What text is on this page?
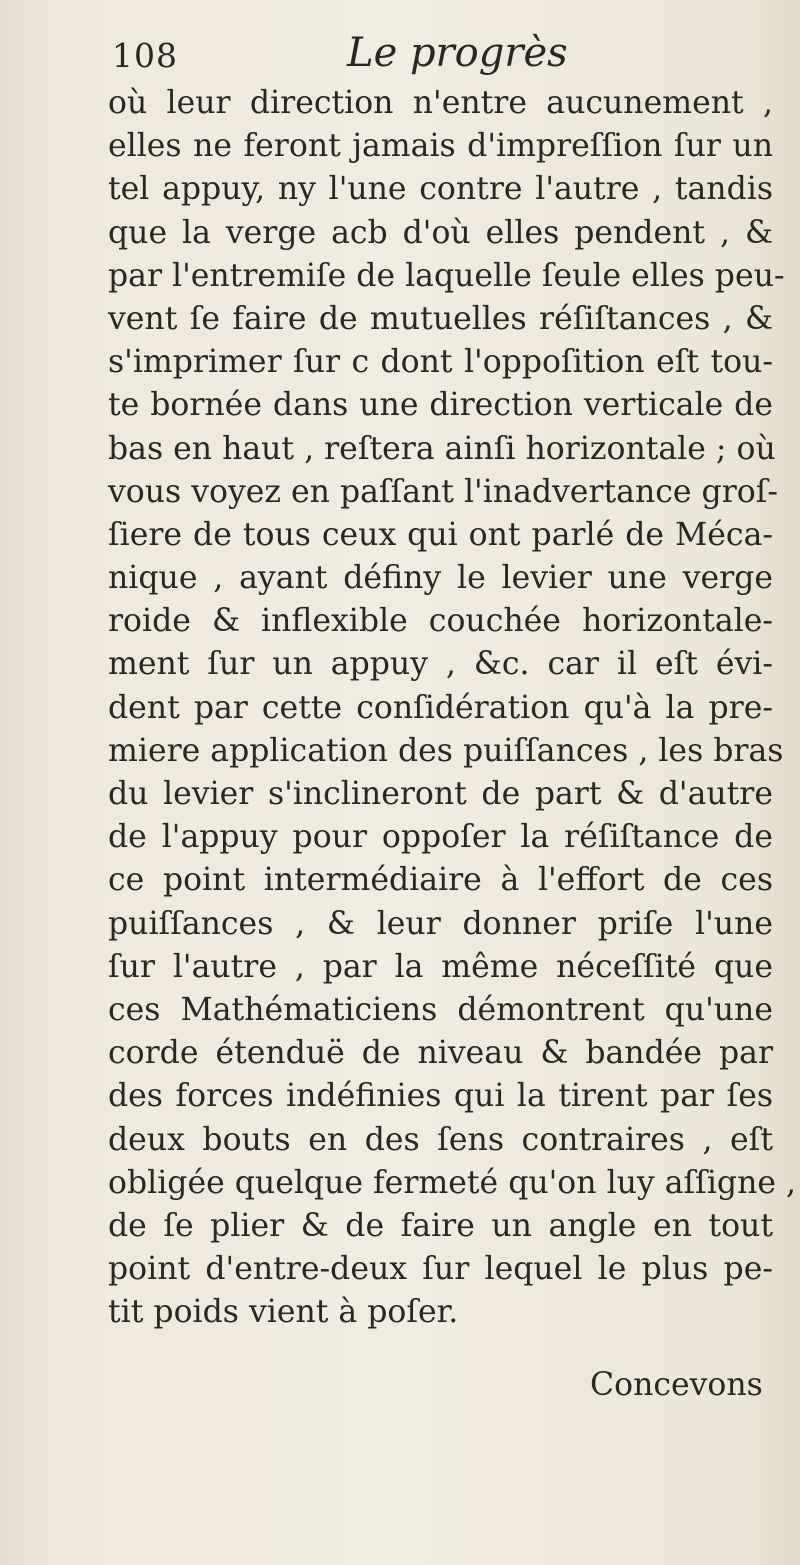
108	Le progrès
où leur direction n'entre aucunement ,
elles ne feront jamais d'impreſſion ſur un
tel appuy, ny l'une contre l'autre , tandis
que la verge acb d'où elles pendent , &
par l'entremiſe de laquelle ſeule elles peu-
vent ſe faire de mutuelles réſiſtances , &
s'imprimer ſur c dont l'oppoſition eſt tou-
te bornée dans une direction verticale de
bas en haut , reſtera ainſi horizontale ; où
vous voyez en paſſant l'inadvertance groſ-
ſiere de tous ceux qui ont parlé de Méca-
nique , ayant définy le levier une verge
roide & inflexible couchée horizontale-
ment ſur un appuy , &c. car il eſt évi-
dent par cette conſidération qu'à la pre-
miere application des puiſſances , les bras
du levier s'inclineront de part & d'autre
de l'appuy pour oppoſer la réſiſtance de
ce point intermédiaire à l'effort de ces
puiſſances , & leur donner priſe l'une
ſur l'autre , par la même néceſſité que
ces Mathématiciens démontrent qu'une
corde étenduë de niveau & bandée par
des forces indéfinies qui la tirent par ſes
deux bouts en des ſens contraires , eſt
obligée quelque fermeté qu'on luy aſſigne ,
de ſe plier & de faire un angle en tout
point d'entre-deux ſur lequel le plus pe-
tit poids vient à poſer.
Concevons
